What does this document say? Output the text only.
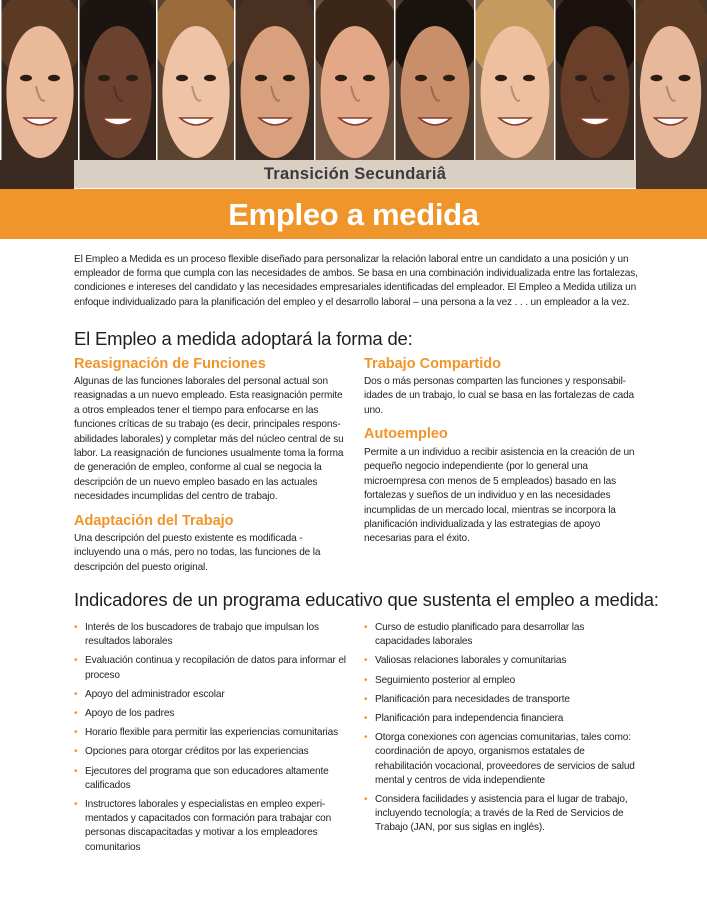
Transición Secundariâ
Empleo a medida

El Empleo a Medida es un proceso flexible diseñado para personalizar la relación laboral entre un candidato a una posición y un empleador de forma que cumpla con las necesidades de ambos. Se basa en una combinación individualizada entre las fortalezas, condiciones e intereses del candidato y las necesidades empresariales identificadas del empleador. El Empleo a Medida utiliza un enfoque individualizado para la planificación del empleo y el desarrollo laboral – una persona a la vez . . . un empleador a la vez.

El Empleo a medida adoptará la forma de:
Reasignación de Funciones

Algunas de las funciones laborales del personal actual son reasignadas a un nuevo empleado. Esta reasignación permite a otros empleados tener el tiempo para enfocarse en las funciones críticas de su trabajo (es decir, principales respons-abilidades laborales) y completar más del núcleo central de su labor. La reasignación de funciones usualmente toma la forma de generación de empleo, conforme al cual se negocia la descripción de un nuevo empleo basado en las actuales necesidades incumplidas del centro de trabajo.

Adaptación del Trabajo

Una descripción del puesto existente es modificada -incluyendo una o más, pero no todas, las funciones de la descripción del puesto original.

Trabajo Compartido

Dos o más personas comparten las funciones y responsabil-idades de un trabajo, lo cual se basa en las fortalezas de cada uno.

Autoempleo

Permite a un individuo a recibir asistencia en la creación de un pequeño negocio independiente (por lo general una microempresa con menos de 5 empleados) basado en las fortalezas y sueños de un individuo y en las necesidades incumplidas de un mercado local, mientras se incorpora la planificación individualizada y las estrategias de apoyo necesarias para el éxito.

Indicadores de un programa educativo que sustenta el empleo a medida:
• Interés de los buscadores de trabajo que impulsan los resultados laborales
• Evaluación continua y recopilación de datos para informar el proceso
• Apoyo del administrador escolar
• Apoyo de los padres
• Horario flexible para permitir las experiencias comunitarias
• Opciones para otorgar créditos por las experiencias
• Ejecutores del programa que son educadores altamente calificados
• Instructores laborales y especialistas en empleo experi-mentados y capacitados con formación para trabajar con personas discapacitadas y motivar a los empleadores comunitarios
• Curso de estudio planificado para desarrollar las capacidades laborales
• Valiosas relaciones laborales y comunitarias
• Seguimiento posterior al empleo
• Planificación para necesidades de transporte
• Planificación para independencia financiera
• Otorga conexiones con agencias comunitarias, tales como: coordinación de apoyo, organismos estatales de rehabilitación vocacional, proveedores de servicios de salud mental y centros de vida independiente
• Considera facilidades y asistencia para el lugar de trabajo, incluyendo tecnología; a través de la Red de Servicios de Trabajo (JAN, por sus siglas en inglés).
